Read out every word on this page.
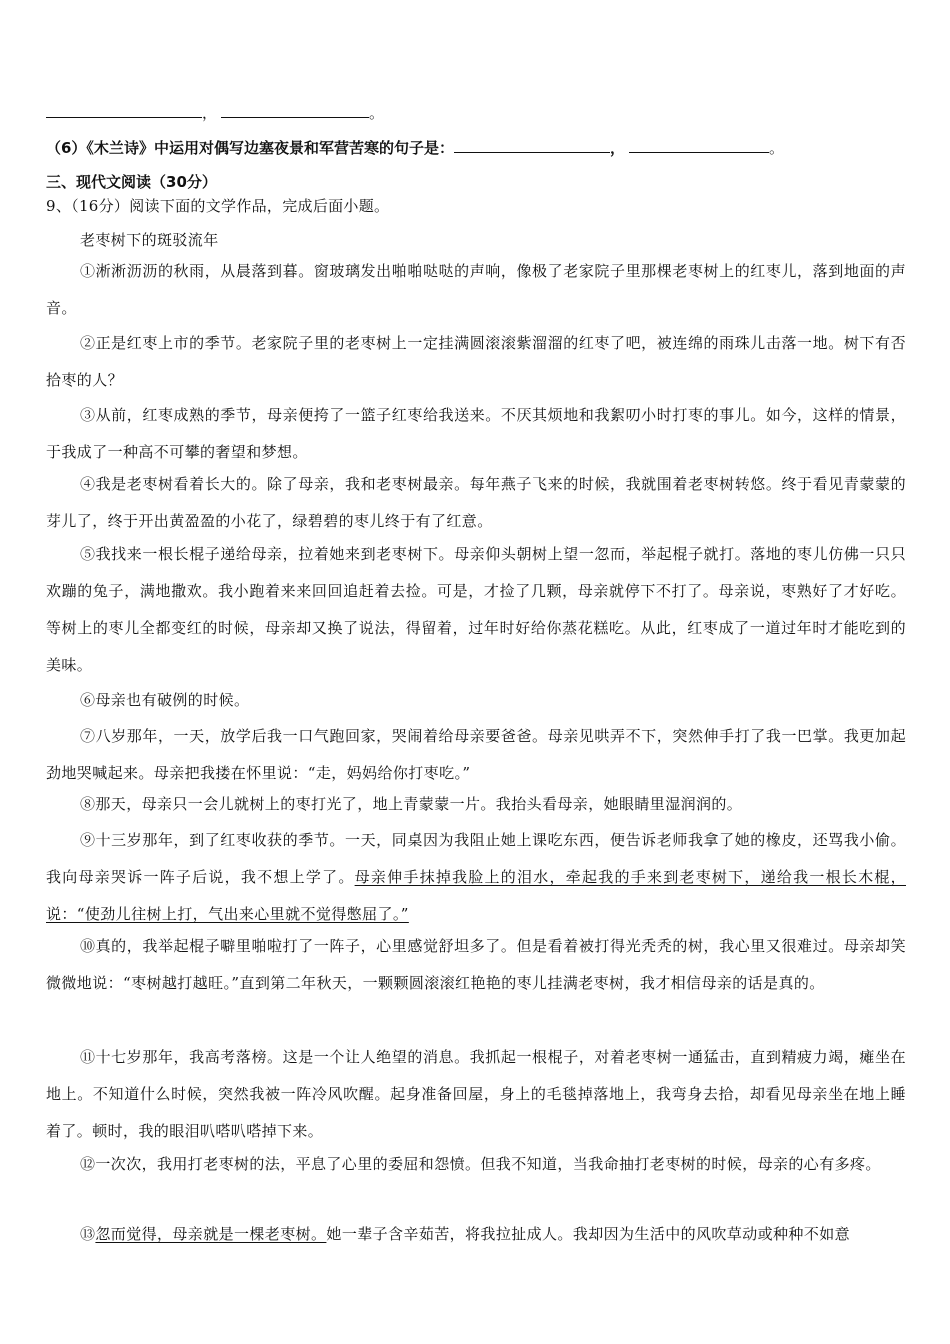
，	。
（6）《木兰诗》中运用对偶写边塞夜景和军营苦寒的句子是：	，	。
三、现代文阅读（30分）
9、（16分）阅读下面的文学作品，完成后面小题。
老枣树下的斑驳流年
①淅淅沥沥的秋雨，从晨落到暮。窗玻璃发出啪啪哒哒的声响，像极了老家院子里那棵老枣树上的红枣儿，落到地面的声音。
②正是红枣上市的季节。老家院子里的老枣树上一定挂满圆滚滚紫溜溜的红枣了吧，被连绵的雨珠儿击落一地。树下有否拾枣的人？
③从前，红枣成熟的季节，母亲便挎了一篮子红枣给我送来。不厌其烦地和我絮叨小时打枣的事儿。如今，这样的情景，于我成了一种高不可攀的奢望和梦想。
④我是老枣树看着长大的。除了母亲，我和老枣树最亲。每年燕子飞来的时候，我就围着老枣树转悠。终于看见青蒙蒙的芽儿了，终于开出黄盈盈的小花了，绿碧碧的枣儿终于有了红意。
⑤我找来一根长棍子递给母亲，拉着她来到老枣树下。母亲仰头朝树上望一忽而，举起棍子就打。落地的枣儿仿佛一只只欢蹦的兔子，满地撒欢。我小跑着来来回回追赶着去捡。可是，才捡了几颗，母亲就停下不打了。母亲说，枣熟好了才好吃。等树上的枣儿全都变红的时候，母亲却又换了说法，得留着，过年时好给你蒸花糕吃。从此，红枣成了一道过年时才能吃到的美味。
⑥母亲也有破例的时候。
⑦八岁那年，一天，放学后我一口气跑回家，哭闹着给母亲要爸爸。母亲见哄弄不下，突然伸手打了我一巴掌。我更加起劲地哭喊起来。母亲把我搂在怀里说：“走，妈妈给你打枣吃。”
⑧那天，母亲只一会儿就树上的枣打光了，地上青蒙蒙一片。我抬头看母亲，她眼睛里湿润润的。
⑨十三岁那年，到了红枣收获的季节。一天，同桌因为我阻止她上课吃东西，便告诉老师我拿了她的橡皮，还骂我小偷。我向母亲哭诉一阵子后说，我不想上学了。母亲伸手抹掉我脸上的泪水，牵起我的手来到老枣树下，递给我一根长木棍，说：“使劲儿往树上打，气出来心里就不觉得憋屈了。”
⑩真的，我举起棍子噼里啪啦打了一阵子，心里感觉舒坦多了。但是看着被打得光秃秃的树，我心里又很难过。母亲却笑微微地说：“枣树越打越旺。”直到第二年秋天，一颗颗圆滚滚红艳艳的枣儿挂满老枣树，我才相信母亲的话是真的。
⑪十七岁那年，我高考落榜。这是一个让人绝望的消息。我抓起一根棍子，对着老枣树一通猛击，直到精疲力竭，瘫坐在地上。不知道什么时候，突然我被一阵冷风吹醒。起身准备回屋，身上的毛毯掉落地上，我弯身去拾，却看见母亲坐在地上睡着了。顿时，我的眼泪叭嗒叭嗒掉下来。
⑫一次次，我用打老枣树的法，平息了心里的委屈和怨愤。但我不知道，当我命抽打老枣树的时候，母亲的心有多疼。
⑬忽而觉得，母亲就是一棵老枣树。她一辈子含辛茹苦，将我拉扯成人。我却因为生活中的风吹草动或种种不如意
